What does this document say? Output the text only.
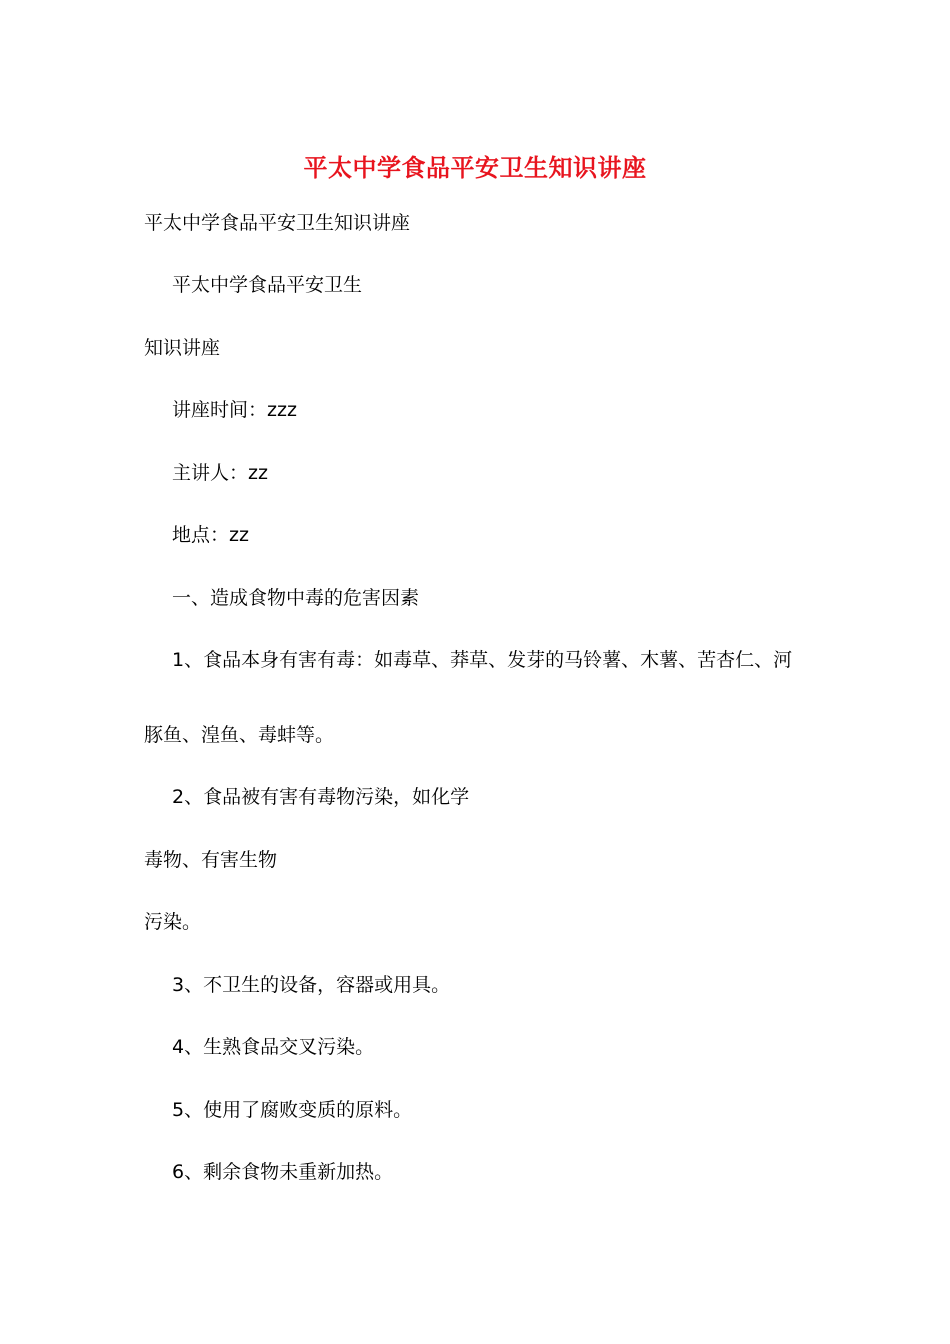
平太中学食品平安卫生知识讲座
平太中学食品平安卫生知识讲座
平太中学食品平安卫生
知识讲座
讲座时间：zzz
主讲人：zz
地点：zz
一、造成食物中毒的危害因素
1、食品本身有害有毒：如毒草、莽草、发芽的马铃薯、木薯、苦杏仁、河
豚鱼、湟鱼、毒蚌等。
2、食品被有害有毒物污染，如化学
毒物、有害生物
污染。
3、不卫生的设备，容器或用具。
4、生熟食品交叉污染。
5、使用了腐败变质的原料。
6、剩余食物未重新加热。
